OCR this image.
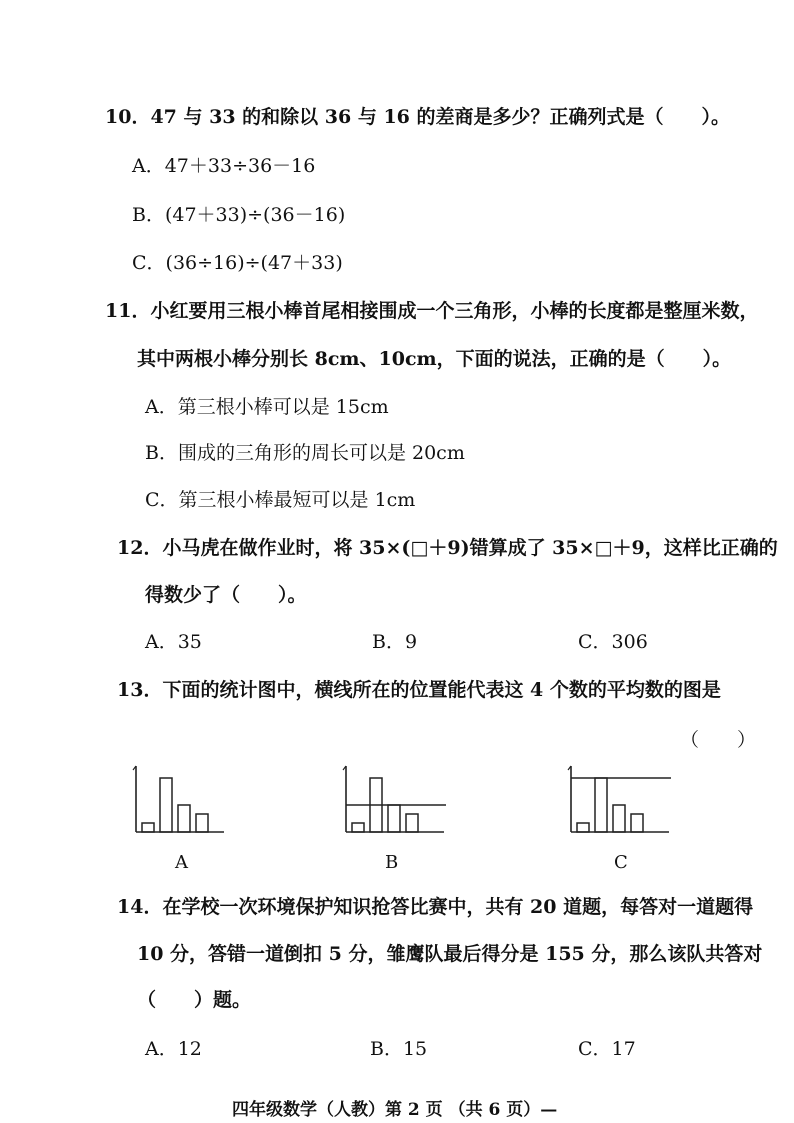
10．47 与 33 的和除以 36 与 16 的差商是多少？正确列式是（　　）。
A．47＋33÷36－16
B．(47＋33)÷(36－16)
C．(36÷16)÷(47＋33)
11．小红要用三根小棒首尾相接围成一个三角形，小棒的长度都是整厘米数，
其中两根小棒分别长 8cm、10cm，下面的说法，正确的是（　　）。
A．第三根小棒可以是 15cm
B．围成的三角形的周长可以是 20cm
C．第三根小棒最短可以是 1cm
12．小马虎在做作业时，将 35×(□＋9)错算成了 35×□＋9，这样比正确的
得数少了（　　）。
A．35	B．9	C．306
13．下面的统计图中，横线所在的位置能代表这 4 个数的平均数的图是
（　　）
A	B	C
14．在学校一次环境保护知识抢答比赛中，共有 20 道题，每答对一道题得
10 分，答错一道倒扣 5 分，雏鹰队最后得分是 155 分，那么该队共答对
（　　）题。
A．12	B．15	C．17
四年级数学（人教）第 2 页 （共 6 页）—
